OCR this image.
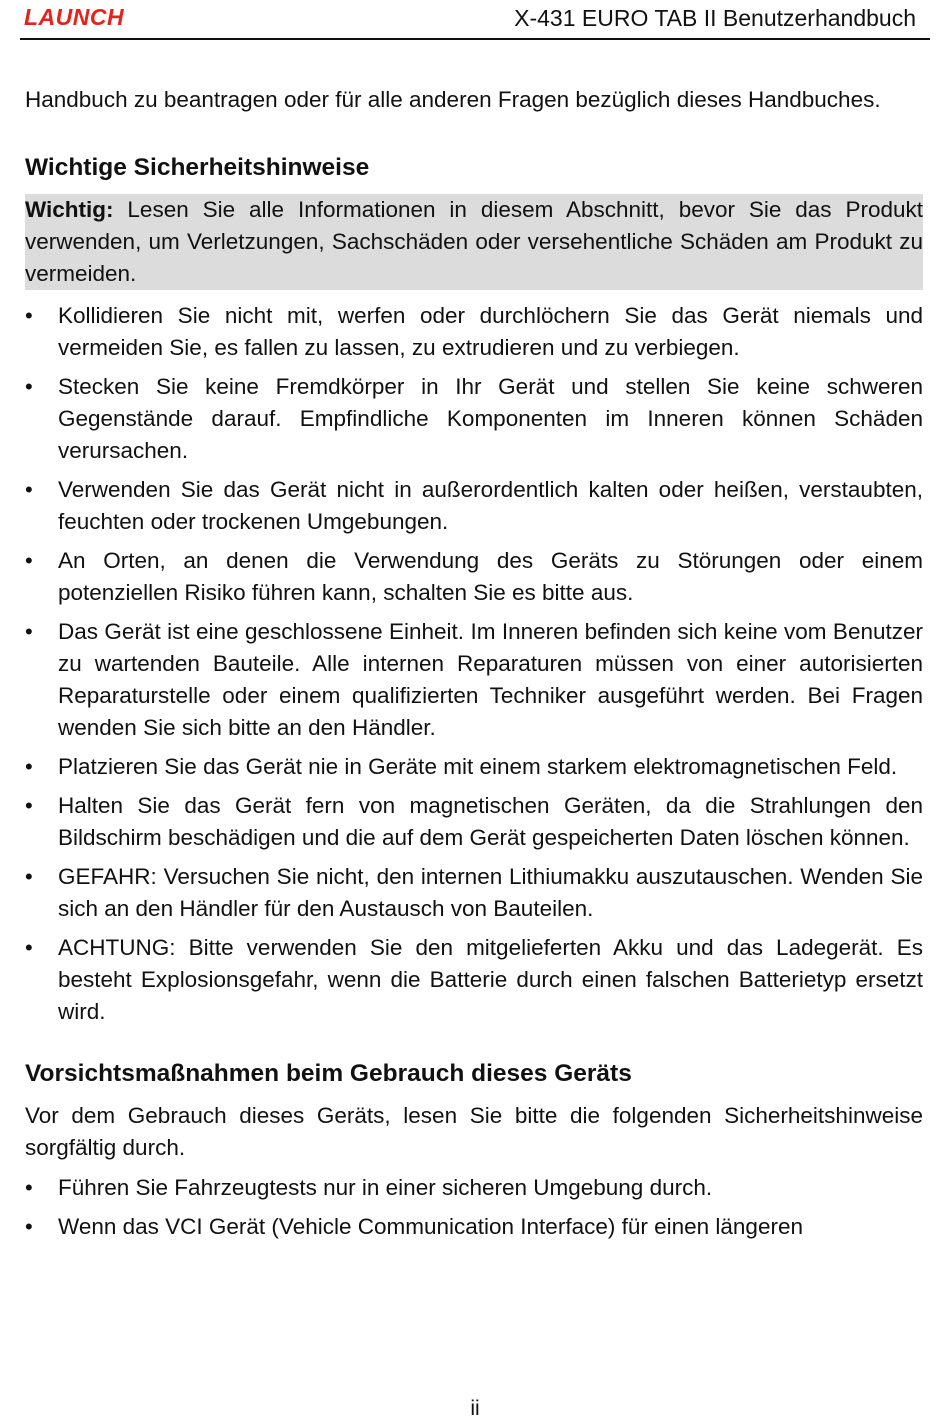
LAUNCH	X-431 EURO TAB II Benutzerhandbuch

Handbuch zu beantragen oder für alle anderen Fragen bezüglich dieses Handbuches.

Wichtige Sicherheitshinweise

Wichtig: Lesen Sie alle Informationen in diesem Abschnitt, bevor Sie das Produkt verwenden, um Verletzungen, Sachschäden oder versehentliche Schäden am Produkt zu vermeiden.

• Kollidieren Sie nicht mit, werfen oder durchlöchern Sie das Gerät niemals und vermeiden Sie, es fallen zu lassen, zu extrudieren und zu verbiegen.
• Stecken Sie keine Fremdkörper in Ihr Gerät und stellen Sie keine schweren Gegenstände darauf. Empfindliche Komponenten im Inneren können Schäden verursachen.
• Verwenden Sie das Gerät nicht in außerordentlich kalten oder heißen, verstaubten, feuchten oder trockenen Umgebungen.
• An Orten, an denen die Verwendung des Geräts zu Störungen oder einem potenziellen Risiko führen kann, schalten Sie es bitte aus.
• Das Gerät ist eine geschlossene Einheit. Im Inneren befinden sich keine vom Benutzer zu wartenden Bauteile. Alle internen Reparaturen müssen von einer autorisierten Reparaturstelle oder einem qualifizierten Techniker ausgeführt werden. Bei Fragen wenden Sie sich bitte an den Händler.
• Platzieren Sie das Gerät nie in Geräte mit einem starkem elektromagnetischen Feld.
• Halten Sie das Gerät fern von magnetischen Geräten, da die Strahlungen den Bildschirm beschädigen und die auf dem Gerät gespeicherten Daten löschen können.
• GEFAHR: Versuchen Sie nicht, den internen Lithiumakku auszutauschen. Wenden Sie sich an den Händler für den Austausch von Bauteilen.
• ACHTUNG: Bitte verwenden Sie den mitgelieferten Akku und das Ladegerät. Es besteht Explosionsgefahr, wenn die Batterie durch einen falschen Batterietyp ersetzt wird.
Vorsichtsmaßnahmen beim Gebrauch dieses Geräts

Vor dem Gebrauch dieses Geräts, lesen Sie bitte die folgenden Sicherheitshinweise sorgfältig durch.

• Führen Sie Fahrzeugtests nur in einer sicheren Umgebung durch.
• Wenn das VCI Gerät (Vehicle Communication Interface) für einen längeren
ii
